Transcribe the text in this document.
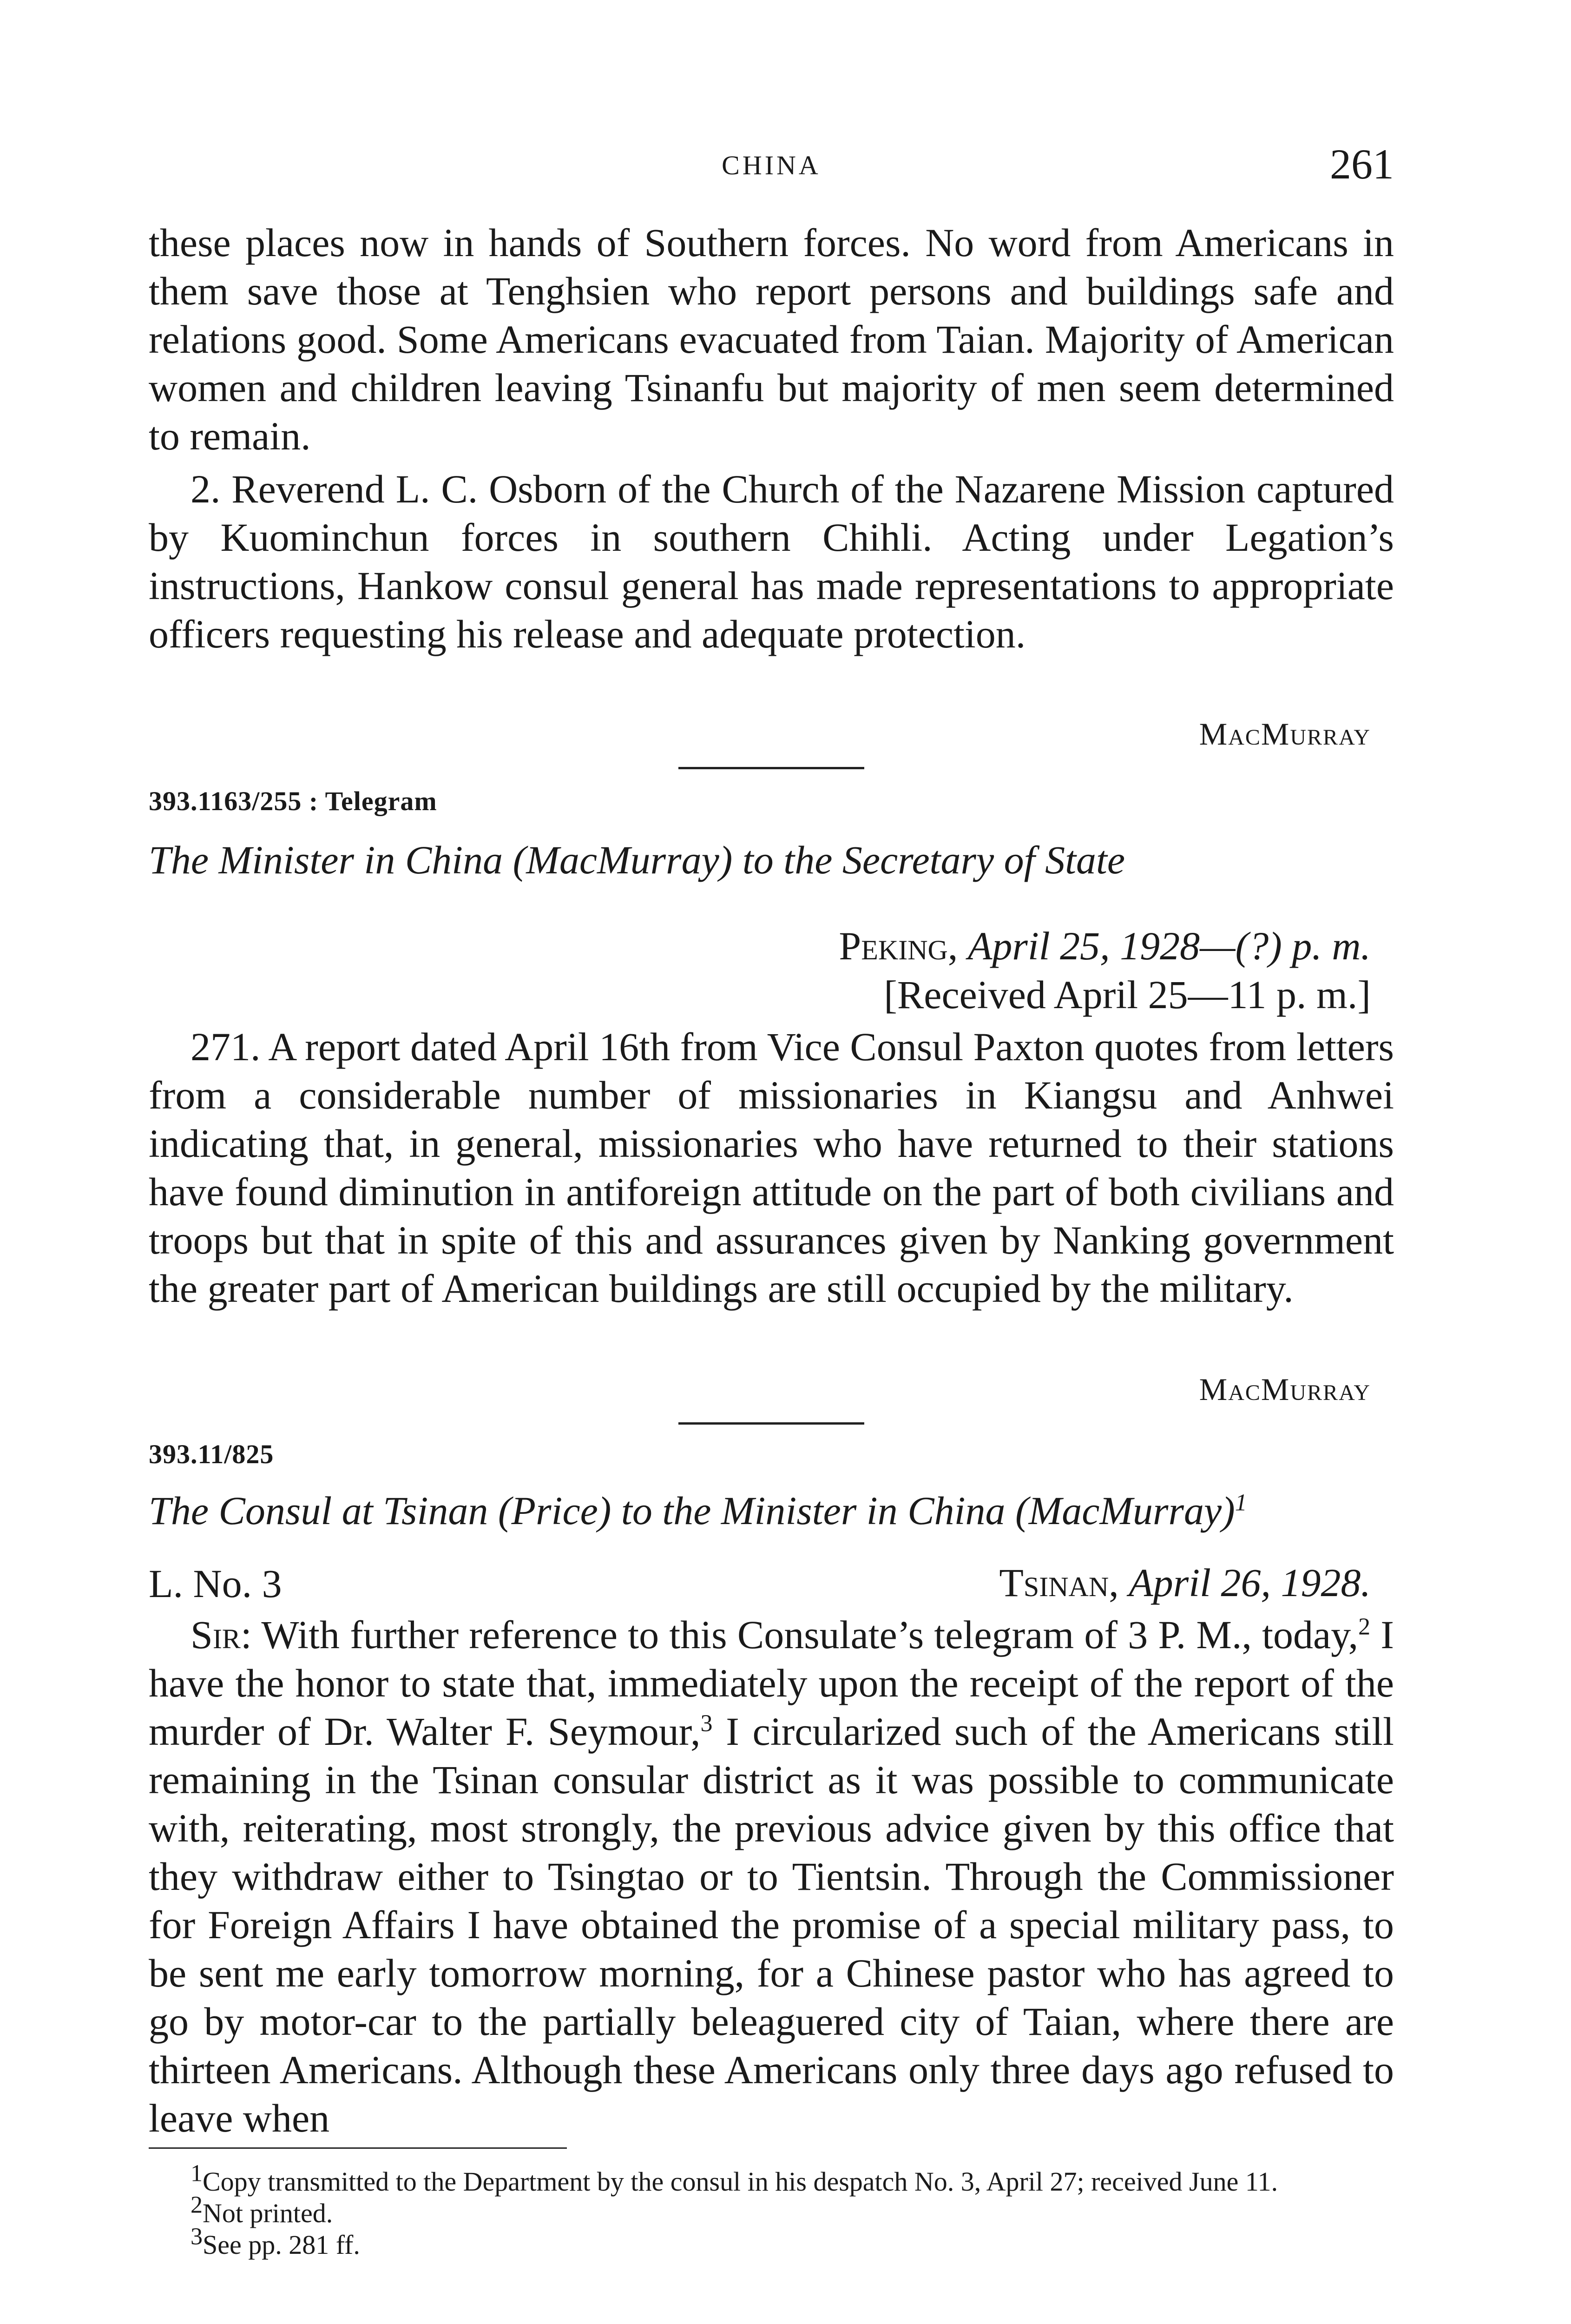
CHINA	261

these places now in hands of Southern forces. No word from Americans in them save those at Tenghsien who report persons and buildings safe and relations good. Some Americans evacuated from Taian. Majority of American women and children leaving Tsinanfu but majority of men seem determined to remain.

2. Reverend L. C. Osborn of the Church of the Nazarene Mission captured by Kuominchun forces in southern Chihli. Acting under Legation’s instructions, Hankow consul general has made representations to appropriate officers requesting his release and adequate protection.

MacMurray
393.1163/255 : Telegram
The Minister in China (MacMurray) to the Secretary of State
Peking, April 25, 1928—(?) p. m.
[Received April 25—11 p. m.]

271. A report dated April 16th from Vice Consul Paxton quotes from letters from a considerable number of missionaries in Kiangsu and Anhwei indicating that, in general, missionaries who have returned to their stations have found diminution in antiforeign attitude on the part of both civilians and troops but that in spite of this and assurances given by Nanking government the greater part of American buildings are still occupied by the military.

MacMurray
393.11/825
The Consul at Tsinan (Price) to the Minister in China (MacMurray)$^1$
L. No. 3	Tsinan, April 26, 1928.

Sir: With further reference to this Consulate’s telegram of 3 P. M., today,$^2$ I have the honor to state that, immediately upon the receipt of the report of the murder of Dr. Walter F. Seymour,$^3$ I circularized such of the Americans still remaining in the Tsinan consular district as it was possible to communicate with, reiterating, most strongly, the previous advice given by this office that they withdraw either to Tsingtao or to Tientsin. Through the Commissioner for Foreign Affairs I have obtained the promise of a special military pass, to be sent me early tomorrow morning, for a Chinese pastor who has agreed to go by motor-car to the partially beleaguered city of Taian, where there are thirteen Americans. Although these Americans only three days ago refused to leave when

$^1$Copy transmitted to the Department by the consul in his despatch No. 3, April 27; received June 11.

$^2$Not printed.

$^3$See pp. 281 ff.
